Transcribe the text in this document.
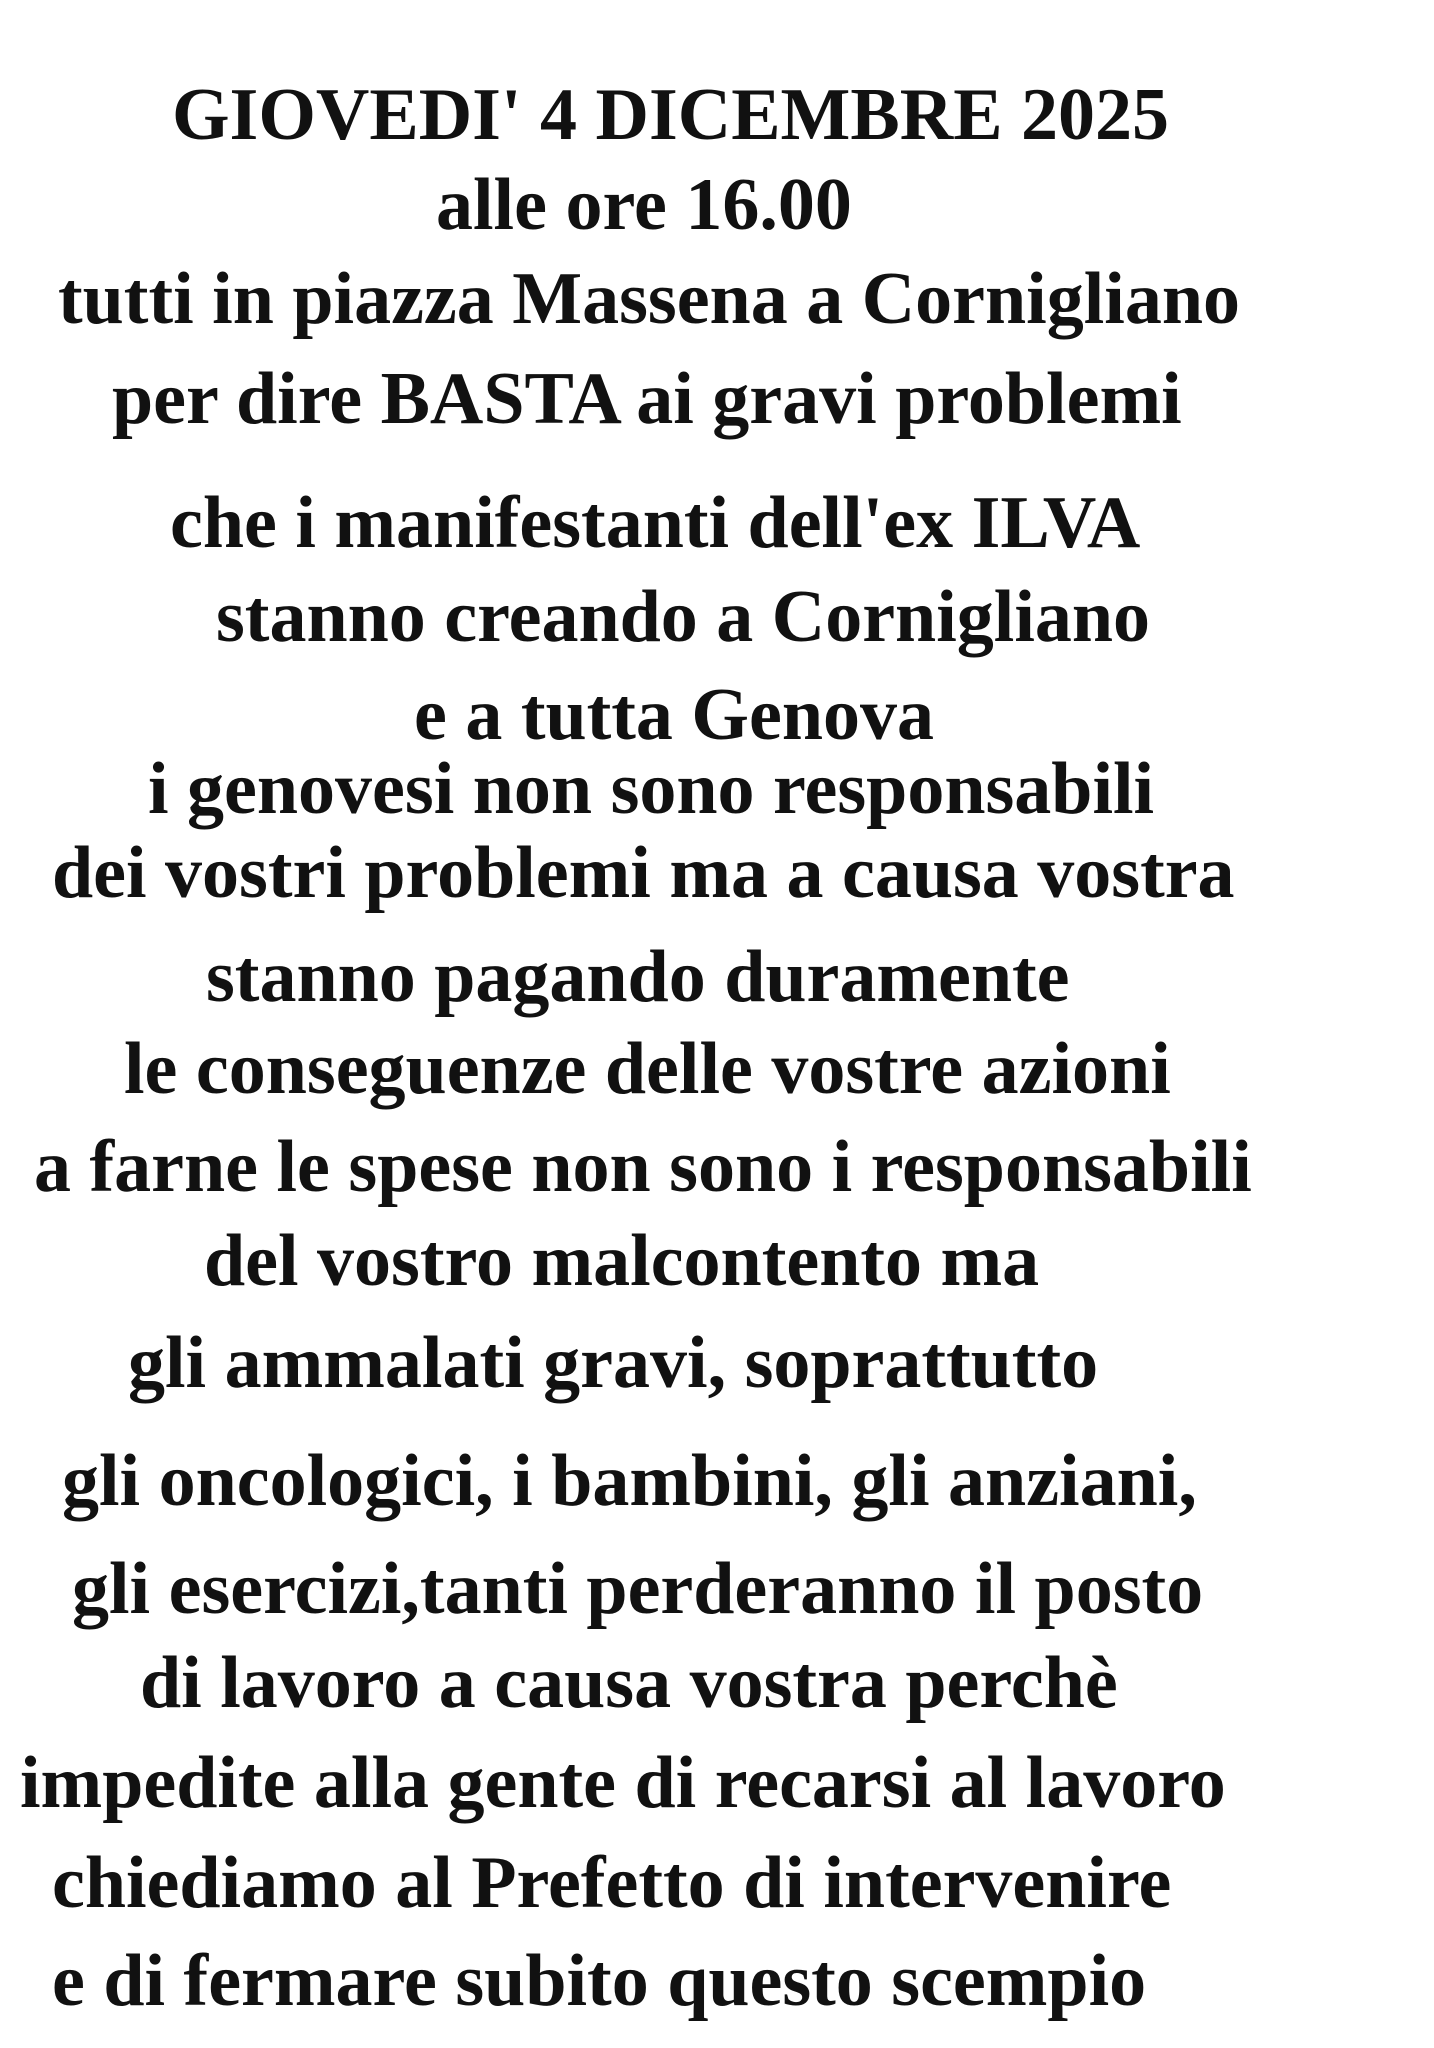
GIOVEDI' 4 DICEMBRE 2025
alle ore 16.00
tutti in piazza Massena a Cornigliano
per dire BASTA ai gravi problemi
che i manifestanti dell'ex ILVA
stanno creando a Cornigliano
e a tutta Genova
i genovesi non sono responsabili
dei vostri problemi ma a causa vostra
stanno pagando duramente
le conseguenze delle vostre azioni
a farne le spese non sono i responsabili
del vostro malcontento ma
gli ammalati gravi, soprattutto
gli oncologici, i bambini, gli anziani,
gli esercizi,tanti perderanno il posto
di lavoro a causa vostra perchè
impedite alla gente di recarsi al lavoro
chiediamo al Prefetto di intervenire
e di fermare subito questo scempio
